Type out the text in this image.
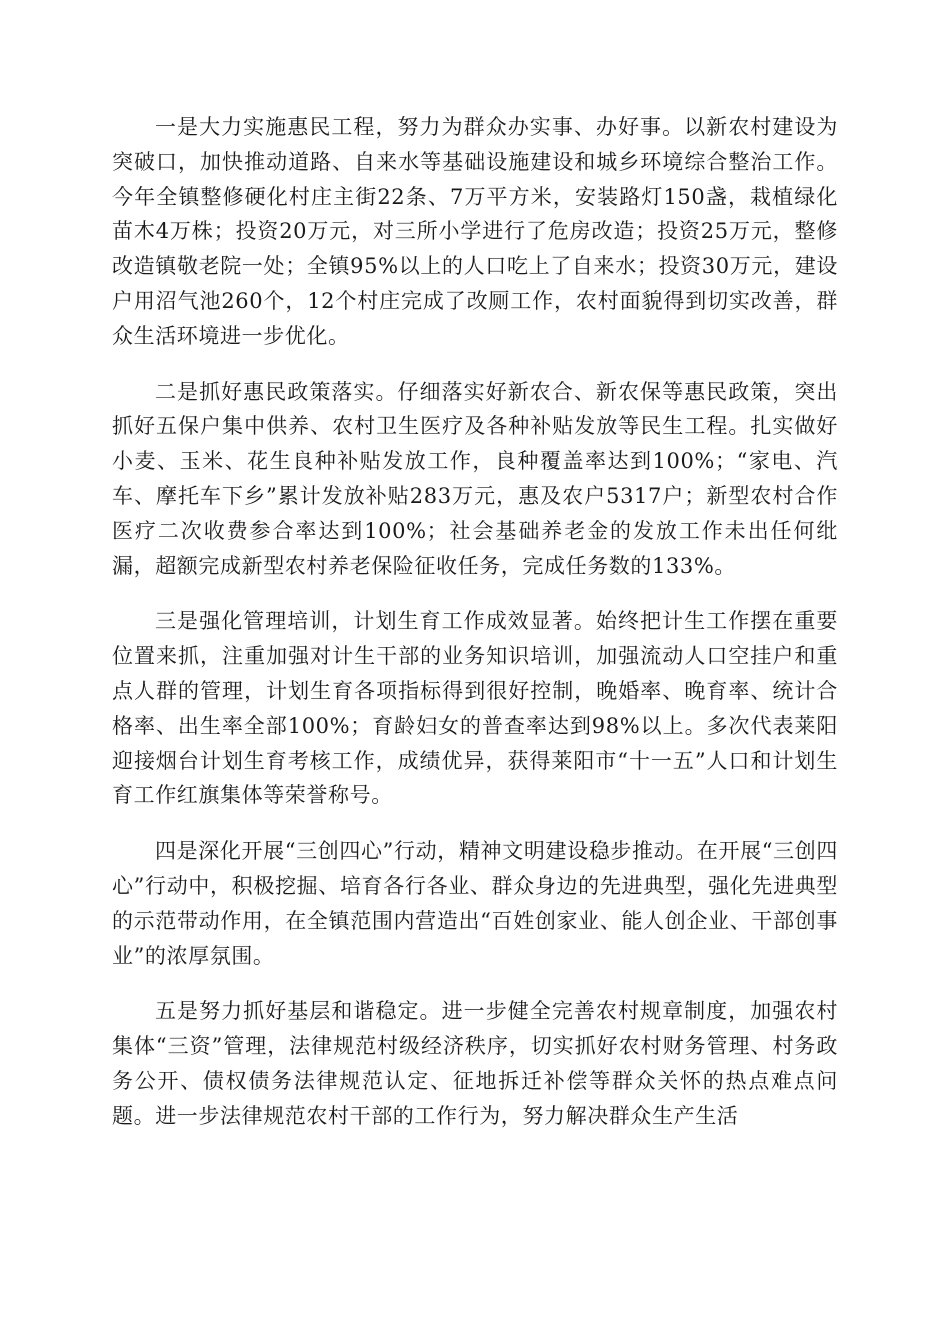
一是大力实施惠民工程，努力为群众办实事、办好事。以新农村建设为突破口，加快推动道路、自来水等基础设施建设和城乡环境综合整治工作。今年全镇整修硬化村庄主街22条、7万平方米，安装路灯150盏，栽植绿化苗木4万株；投资20万元，对三所小学进行了危房改造；投资25万元，整修改造镇敬老院一处；全镇95%以上的人口吃上了自来水；投资30万元，建设户用沼气池260个，12个村庄完成了改厕工作，农村面貌得到切实改善，群众生活环境进一步优化。

二是抓好惠民政策落实。仔细落实好新农合、新农保等惠民政策，突出抓好五保户集中供养、农村卫生医疗及各种补贴发放等民生工程。扎实做好小麦、玉米、花生良种补贴发放工作，良种覆盖率达到100%；“家电、汽车、摩托车下乡”累计发放补贴283万元，惠及农户5317户；新型农村合作医疗二次收费参合率达到100%；社会基础养老金的发放工作未出任何纰漏，超额完成新型农村养老保险征收任务，完成任务数的133%。

三是强化管理培训，计划生育工作成效显著。始终把计生工作摆在重要位置来抓，注重加强对计生干部的业务知识培训，加强流动人口空挂户和重点人群的管理，计划生育各项指标得到很好控制，晚婚率、晚育率、统计合格率、出生率全部100%；育龄妇女的普查率达到98%以上。多次代表莱阳迎接烟台计划生育考核工作，成绩优异，获得莱阳市“十一五”人口和计划生育工作红旗集体等荣誉称号。

四是深化开展“三创四心”行动，精神文明建设稳步推动。在开展“三创四心”行动中，积极挖掘、培育各行各业、群众身边的先进典型，强化先进典型的示范带动作用，在全镇范围内营造出“百姓创家业、能人创企业、干部创事业”的浓厚氛围。

五是努力抓好基层和谐稳定。进一步健全完善农村规章制度，加强农村集体“三资”管理，法律规范村级经济秩序，切实抓好农村财务管理、村务政务公开、债权债务法律规范认定、征地拆迁补偿等群众关怀的热点难点问题。进一步法律规范农村干部的工作行为，努力解决群众生产生活
